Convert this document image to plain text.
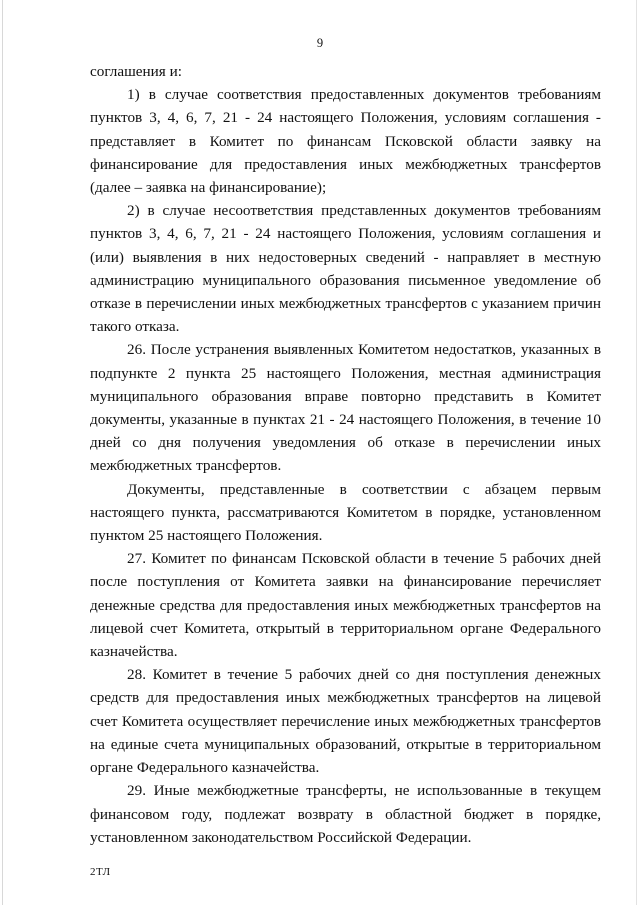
9

соглашения и:

1) в случае соответствия предоставленных документов требованиям пунктов 3, 4, 6, 7, 21 - 24 настоящего Положения, условиям соглашения - представляет в Комитет по финансам Псковской области заявку на финансирование для предоставления иных межбюджетных трансфертов (далее – заявка на финансирование);

2) в случае несоответствия представленных документов требованиям пунктов 3, 4, 6, 7, 21 - 24 настоящего Положения, условиям соглашения и (или) выявления в них недостоверных сведений - направляет в местную администрацию муниципального образования письменное уведомление об отказе в перечислении иных межбюджетных трансфертов с указанием причин такого отказа.

26. После устранения выявленных Комитетом недостатков, указанных в подпункте 2 пункта 25 настоящего Положения, местная администрация муниципального образования вправе повторно представить в Комитет документы, указанные в пунктах 21 - 24 настоящего Положения, в течение 10 дней со дня получения уведомления об отказе в перечислении иных межбюджетных трансфертов.

Документы, представленные в соответствии с абзацем первым настоящего пункта, рассматриваются Комитетом в порядке, установленном пунктом 25 настоящего Положения.

27. Комитет по финансам Псковской области в течение 5 рабочих дней после поступления от Комитета заявки на финансирование перечисляет денежные средства для предоставления иных межбюджетных трансфертов на лицевой счет Комитета, открытый в территориальном органе Федерального казначейства.

28. Комитет в течение 5 рабочих дней со дня поступления денежных средств для предоставления иных межбюджетных трансфертов на лицевой счет Комитета осуществляет перечисление иных межбюджетных трансфертов на единые счета муниципальных образований, открытые в территориальном органе Федерального казначейства.

29. Иные межбюджетные трансферты, не использованные в текущем финансовом году, подлежат возврату в областной бюджет в порядке, установленном законодательством Российской Федерации.

2ТЛ
